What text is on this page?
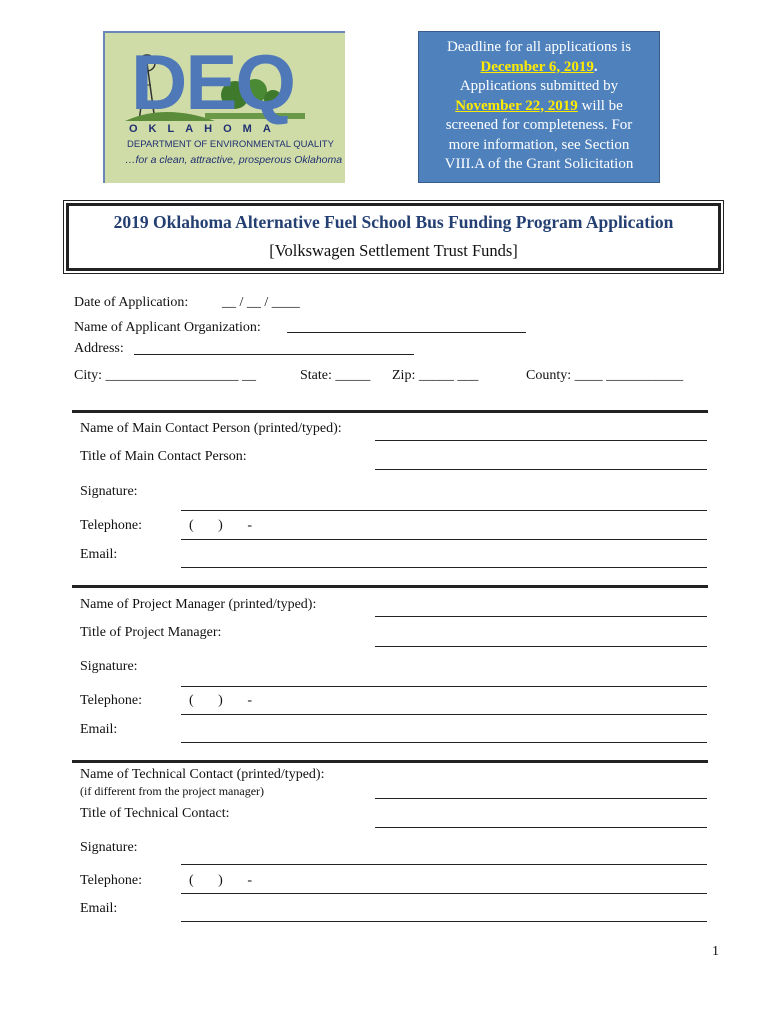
DEQ
OKLAHOMA
DEPARTMENT OF ENVIRONMENTAL QUALITY
…for a clean, attractive, prosperous Oklahoma
Deadline for all applications is
December 6, 2019.
Applications submitted by
November 22, 2019 will be
screened for completeness. For
more information, see Section
VIII.A of the Grant Solicitation
2019 Oklahoma Alternative Fuel School Bus Funding Program Application
[Volkswagen Settlement Trust Funds]
Date of Application: __ / __ / ____
Name of Applicant Organization:
Address:
City: ___________________ __	State: _____ Zip: _____ ___	County: ____ ___________
Name of Main Contact Person (printed/typed):
Title of Main Contact Person:
Signature:
Telephone:	(       )       -
Email:
Name of Project Manager (printed/typed):
Title of Project Manager:
Signature:
Telephone:	(       )       -
Email:
Name of Technical Contact (printed/typed):
(if different from the project manager)
Title of Technical Contact:
Signature:
Telephone:	(       )       -
Email:
1
